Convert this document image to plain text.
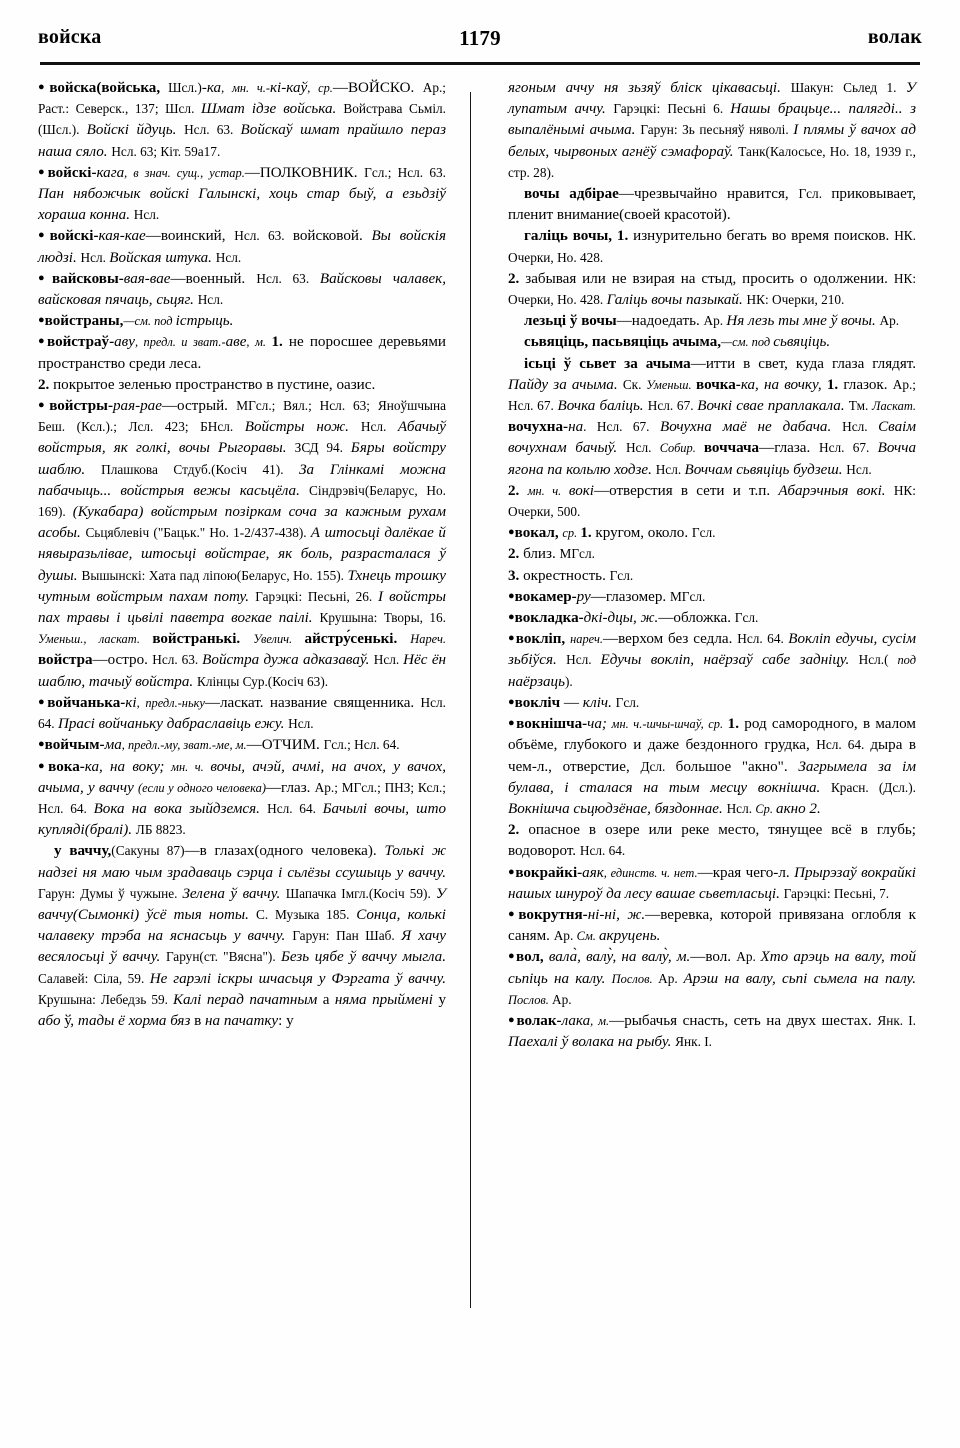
войска	1179	волак

●войска(войська, Шсл.)-ка, мн. ч.-кі-каў, ср.—ВОЙСКО. Ар.; Раст.: Северск., 137; Шсл. Шмат ідзе войська. Войстрава Сьміл. (Шсл.). Войскі йдуць. Нсл. 63. Войскаў шмат прайшло пераз наша сяло. Нсл. 63; Кіт. 59а17.

●войскі-кага, в знач. сущ., устар.—ПОЛКОВНИК. Гсл.; Нсл. 63. Пан нябожчык войскі Галынскі, хоць стар быў, а езьдзіў хораша конна. Нсл.

●войскі-кая-кае—воинский, Нсл. 63. войсковой. Вы войскія людзі. Нсл. Войская штука. Нсл.

●вайсковы-вая-вае—военный. Нсл. 63. Вайсковы чалавек, вайсковая пячаць, сьцяг. Нсл.

●войстраны,—см. под істрыць.

●войстраў-аву, предл. и зват.-аве, м. 1. не поросшее деревьями пространство среди леса.

2. покрытое зеленью пространство в пустине, оазис.

●войстры-рая-рае—острый. МГсл.; Вял.; Нсл. 63; Яноўшчына Беш. (Ксл.).; Лсл. 423; БНсл. Войстры нож. Нсл. Абачыў войстрыя, як голкі, вочы Рыгоравы. ЗСД 94. Бяры войстру шаблю. Плашкова Стдуб.(Косіч 41). За Глінкамі можна пабачыць... войстрыя вежы касьцёла. Сіндрэвіч(Беларус, Но. 169). (Кукабара) войстрым позіркам соча за кажным рухам асобы. Сьцяблевіч ("Бацьк." Но. 1-2/437-438). А штосьці далёкае й нявыразьлівае, штосьці войстрае, як боль, разрасталася ў душы. Вышынскі: Хата пад ліпою(Беларус, Но. 155). Тхнець трошку чутным войстрым пахам поту. Гарэцкі: Песьні, 26. І войстры пах травы і цьвілі паветра вогкае паілі. Крушына: Творы, 16. Уменьш., ласкат. войстранькі. Увелич. айстру́сенькі. Нареч. войстра—остро. Нсл. 63. Войстра дужа адказаваў. Нсл. Нёс ён шаблю, тачыў войстра. Клінцы Сур.(Косіч 63).

●войчанька-кі, предл.-ньку—ласкат. название священника. Нсл. 64. Прасі войчаньку дабраславіць ежу. Нсл.

●войчым-ма, предл.-му, зват.-ме, м.—ОТЧИМ. Гсл.; Нсл. 64.

●вока-ка, на воку; мн. ч. вочы, ачэй, ачмі, на ачох, у вачох, ачыма, у ваччу (если у одного человека)—глаз. Ар.; МГсл.; ПНЗ; Ксл.; Нсл. 64. Вока на вока зыйдземся. Нсл. 64. Бачылі вочы, што купляді(бралі). ЛБ 8823.

у ваччу,(Сакуны 87)—в глазах(одного человека). Толькі ж надзеі ня маю чым зрадаваць сэрца і сьлёзы ссушыць у ваччу. Гарун: Думы ў чужыне. Зелена ў ваччу. Шапачка Імгл.(Косіч 59). У ваччу(Сымонкі) ўсё тыя ноты. С. Музыка 185. Сонца, колькі чалавеку трэба на яснасьць у ваччу. Гарун: Пан Шаб. Я хачу весялосьці ў ваччу. Гарун(ст. "Вясна"). Безь цябе ў ваччу мыгла. Салавей: Сіла, 59. Не гарэлі іскры шчасьця у Фэргата ў ваччу. Крушына: Лебедзь 59. Калі перад пачатным а няма прыймені у або ў, тады ё хорма бяз в на пачатку: у

ягоным аччу ня зьзяў бліск цікавасьці. Шакун: Сьлед 1. У лупатым аччу. Гарэцкі: Песьні 6. Нашы брацьце... палягді.. з выпалёнымі ачыма. Гарун: Зь песьняў няволі. І плямы ў вачох ад белых, чырвоных агнёў сэмафораў. Танк(Калосьсе, Но. 18, 1939 г., стр. 28).

вочы адбірае—чрезвычайно нравится, Гсл. приковывает, пленит внимание(своей красотой).

галіць вочы, 1. изнурительно бегать во время поисков. НК. Очерки, Но. 428.

2. забывая или не взирая на стыд, просить о одолжении. НК: Очерки, Но. 428. Галіць вочы пазыкай. НК: Очерки, 210.

лезьці ў вочы—надоедать. Ар. Ня лезь ты мне ў вочы. Ар.

сьвяціць, пасьвяціць ачыма,—см. под сьвяціць.

ісьці ў сьвет за ачыма—итти в свет, куда глаза глядят. Пайду за ачыма. Ск. Уменьш. вочка-ка, на вочку, 1. глазок. Ар.; Нсл. 67. Вочка баліць. Нсл. 67. Вочкі свае праплакала. Тм. Ласкат. вочухна-на. Нсл. 67. Вочухна маё не дабача. Нсл. Сваім вочухнам бачыў. Нсл. Собир. воччача—глаза. Нсл. 67. Вочча ягона па кольлю ходзе. Нсл. Воччам сьвяціць будзеш. Нсл.

2. мн. ч. вокі—отверстия в сети и т.п. Абарэчныя вокі. НК: Очерки, 500.

●вокал, ср. 1. кругом, около. Гсл.

2. близ. МГсл.

3. окрестность. Гсл.

●вокамер-ру—глазомер. МГсл.

●вокладка-дкі-дцы, ж.—обложка. Гсл.

●вокліп, нареч.—верхом без седла. Нсл. 64. Вокліп едучы, сусім зьбіўся. Нсл. Едучы вокліп, наёрзаў сабе задніцу. Нсл.( под наёрзаць).

●вокліч — кліч. Гсл.

●вокнішча-ча; мн. ч.-шчы-шчаў, ср. 1. род самородного, в малом объёме, глубокого и даже бездонного грудка, Нсл. 64. дыра в чем-л., отверстие, Дсл. большое "акно". Загрымела за ім булава, і сталася на тым месцу вокнішча. Красн. (Дсл.). Вокнішча сьцюдзёнае, бяздоннае. Нсл. Ср. акно 2.

2. опасное в озере или реке место, тянущее всё в глубь; водоворот. Нсл. 64.

●вокрайкі-аяк, единств. ч. нет.—края чего-л. Прырэзаў вокрайкі нашых шнуроў да лесу вашае сьветласьці. Гарэцкі: Песьні, 7.

●вокрутня-ні-ні, ж.—веревка, которой привязана оглобля к саням. Ар. См. акруцень.

●вол, вала̀, валу̀, на валу̀, м.—вол. Ар. Хто арэць на валу, той сьпіць на калу. Послов. Ар. Арэш на валу, сьпі сьмела на палу. Послов. Ар.

●волак-лака, м.—рыбачья снасть, сеть на двух шестах. Янк. I. Паехалі ў волака на рыбу. Янк. I.
